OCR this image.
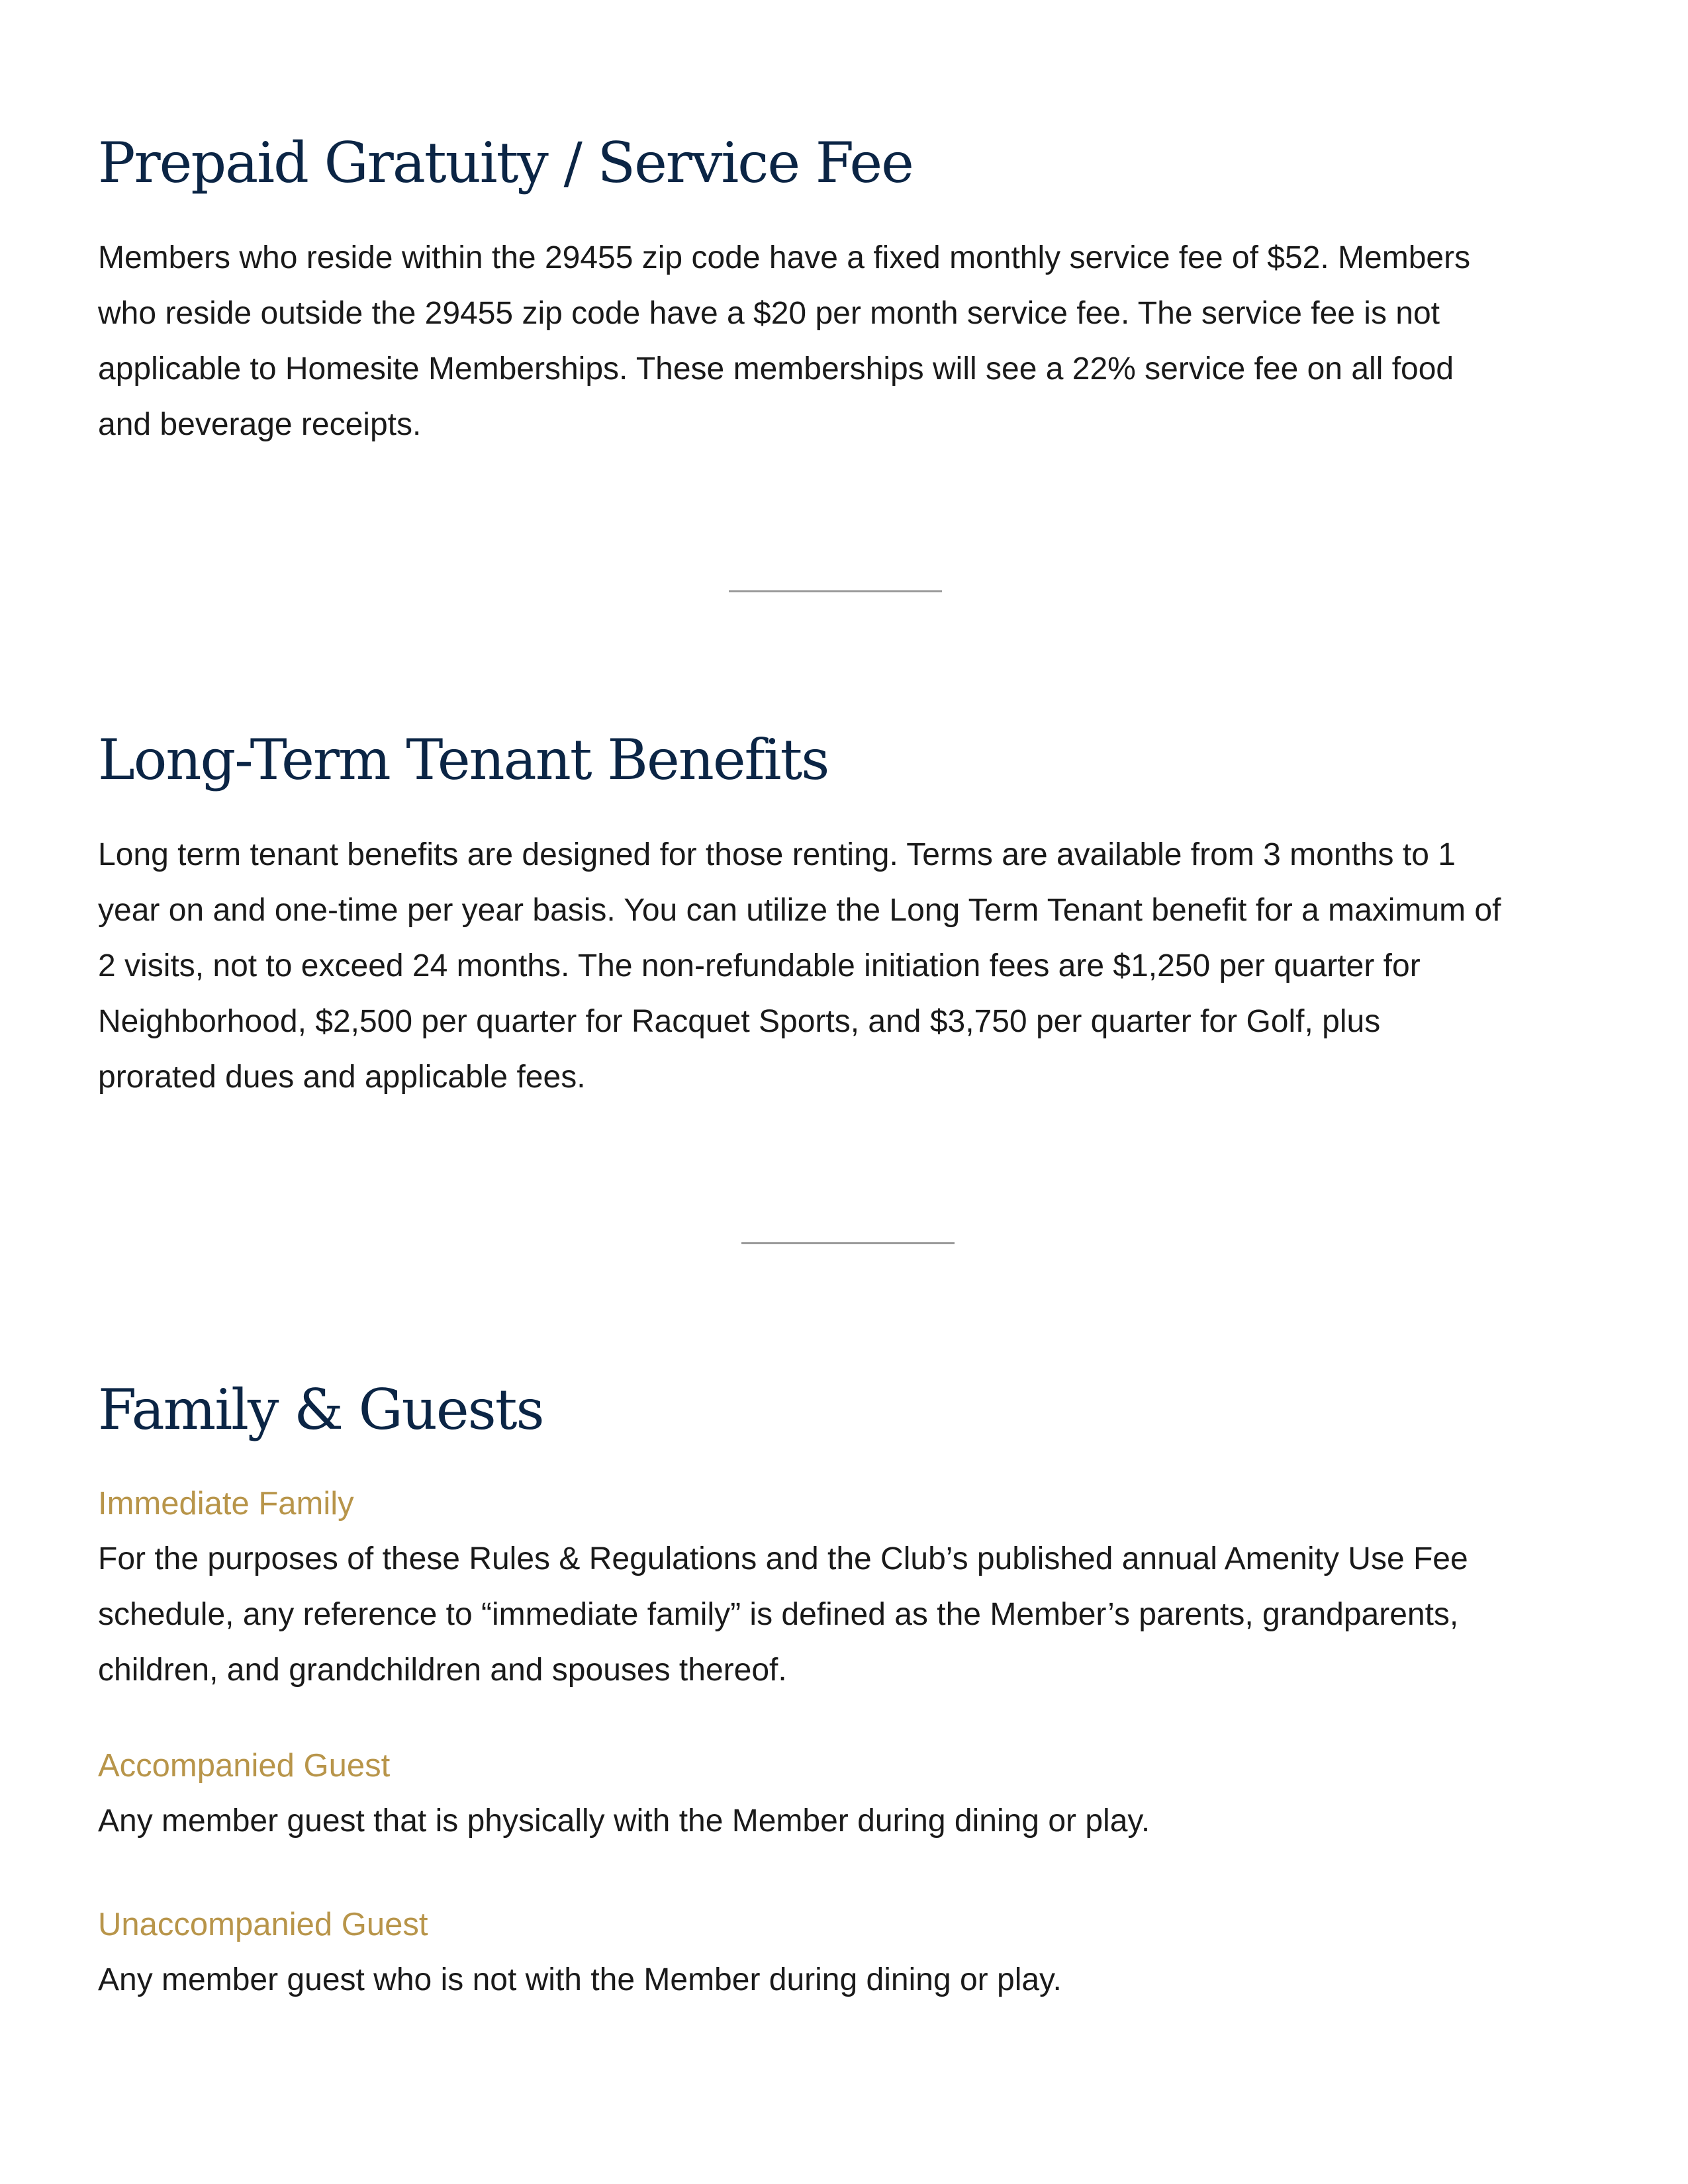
Prepaid Gratuity / Service Fee

Members who reside within the 29455 zip code have a fixed monthly service fee of $52. Members who reside outside the 29455 zip code have a $20 per month service fee. The service fee is not applicable to Homesite Memberships. These memberships will see a 22% service fee on all food and beverage receipts.

Long-Term Tenant Benefits

Long term tenant benefits are designed for those renting. Terms are available from 3 months to 1 year on and one-time per year basis. You can utilize the Long Term Tenant benefit for a maximum of 2 visits, not to exceed 24 months. The non-refundable initiation fees are $1,250 per quarter for Neighborhood, $2,500 per quarter for Racquet Sports, and $3,750 per quarter for Golf, plus prorated dues and applicable fees.

Family & Guests

Immediate Family

For the purposes of these Rules & Regulations and the Club’s published annual Amenity Use Fee schedule, any reference to “immediate family” is defined as the Member’s parents, grandparents, children, and grandchildren and spouses thereof.

Accompanied Guest

Any member guest that is physically with the Member during dining or play.

Unaccompanied Guest

Any member guest who is not with the Member during dining or play.
